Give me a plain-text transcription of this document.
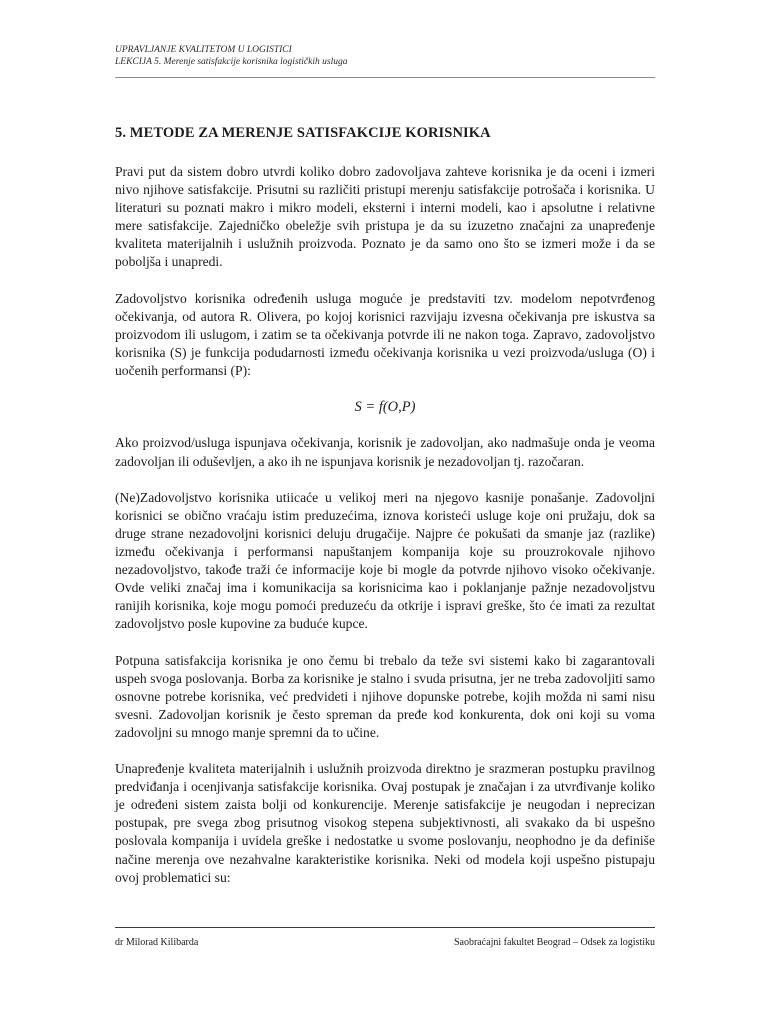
UPRAVLJANJE KVALITETOM U LOGISTICI
LEKCIJA 5. Merenje satisfakcije korisnika logističkih usluga
5. METODE ZA MERENJE SATISFAKCIJE KORISNIKA

Pravi put da sistem dobro utvrdi koliko dobro zadovoljava zahteve korisnika je da oceni i izmeri nivo njihove satisfakcije. Prisutni su različiti pristupi merenju satisfakcije potrošača i korisnika. U literaturi su poznati makro i mikro modeli, eksterni i interni modeli, kao i apsolutne i relativne mere satisfakcije. Zajedničko obeležje svih pristupa je da su izuzetno značajni za unapređenje kvaliteta materijalnih i uslužnih proizvoda. Poznato je da samo ono što se izmeri može i da se poboljša i unapredi.

Zadovoljstvo korisnika određenih usluga moguće je predstaviti tzv. modelom nepotvrđenog očekivanja, od autora R. Olivera, po kojoj korisnici razvijaju izvesna očekivanja pre iskustva sa proizvodom ili uslugom, i zatim se ta očekivanja potvrde ili ne nakon toga. Zapravo, zadovoljstvo korisnika (S) je funkcija podudarnosti između očekivanja korisnika u vezi proizvoda/usluga (O) i uočenih performansi (P):

S = f(O,P)

Ako proizvod/usluga ispunjava očekivanja, korisnik je zadovoljan, ako nadmašuje onda je veoma zadovoljan ili oduševljen, a ako ih ne ispunjava korisnik je nezadovoljan tj. razočaran.

(Ne)Zadovoljstvo korisnika utiicaće u velikoj meri na njegovo kasnije ponašanje. Zadovoljni korisnici se obično vraćaju istim preduzećima, iznova koristeći usluge koje oni pružaju, dok sa druge strane nezadovoljni korisnici deluju drugačije. Najpre će pokušati da smanje jaz (razlike) između očekivanja i performansi napuštanjem kompanija koje su prouzrokovale njihovo nezadovoljstvo, takođe traži će informacije koje bi mogle da potvrde njihovo visoko očekivanje. Ovde veliki značaj ima i komunikacija sa korisnicima kao i poklanjanje pažnje nezadovoljstvu ranijih korisnika, koje mogu pomoći preduzeću da otkrije i ispravi greške, što će imati za rezultat zadovoljstvo posle kupovine za buduće kupce.

Potpuna satisfakcija korisnika je ono čemu bi trebalo da teže svi sistemi kako bi zagarantovali uspeh svoga poslovanja. Borba za korisnike je stalno i svuda prisutna, jer ne treba zadovoljiti samo osnovne potrebe korisnika, već predvideti i njihove dopunske potrebe, kojih možda ni sami nisu svesni. Zadovoljan korisnik je često spreman da pređe kod konkurenta, dok oni koji su voma zadovoljni su mnogo manje spremni da to učine.

Unapređenje kvaliteta materijalnih i uslužnih proizvoda direktno je srazmeran postupku pravilnog predviđanja i ocenjivanja satisfakcije korisnika. Ovaj postupak je značajan i za utvrđivanje koliko je određeni sistem zaista bolji od konkurencije. Merenje satisfakcije je neugodan i neprecizan postupak, pre svega zbog prisutnog visokog stepena subjektivnosti, ali svakako da bi uspešno poslovala kompanija i uvidela greške i nedostatke u svome poslovanju, neophodno je da definiše načine merenja ove nezahvalne karakteristike korisnika. Neki od modela koji uspešno pistupaju ovoj problematici su:

dr Milorad Kilibarda	Saobraćajni fakultet Beograd – Odsek za logistiku
